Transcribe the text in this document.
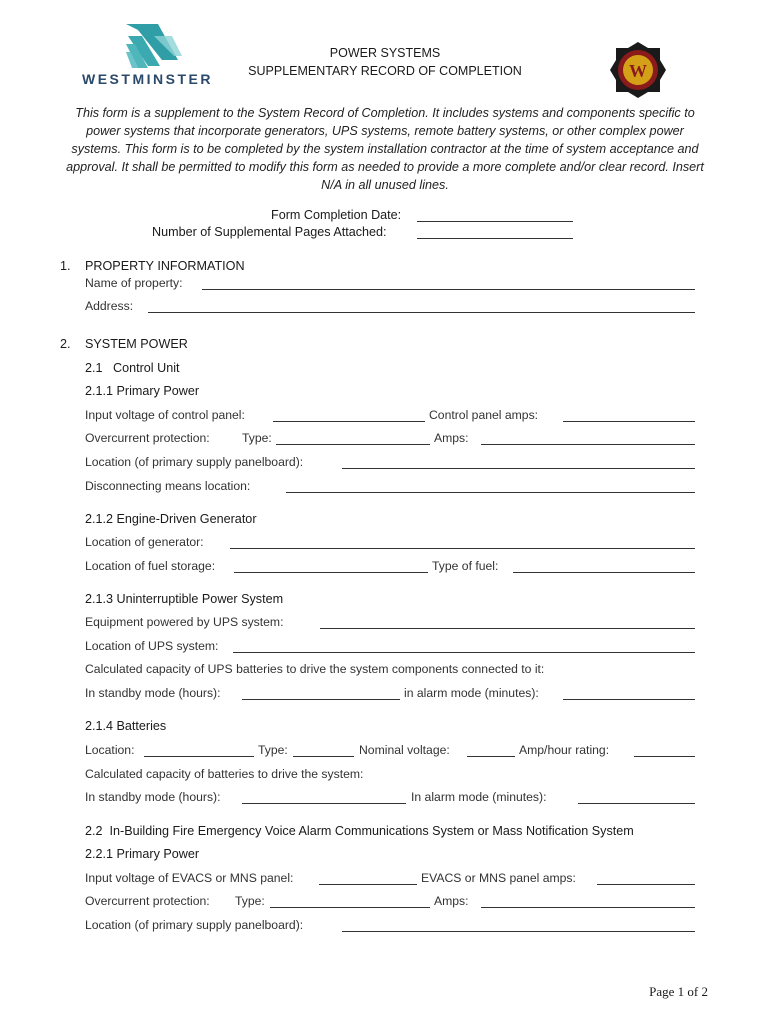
WESTMINSTER
POWER SYSTEMS
SUPPLEMENTARY RECORD OF COMPLETION	W
This form is a supplement to the System Record of Completion. It includes systems and components specific to power systems that incorporate generators, UPS systems, remote battery systems, or other complex power systems. This form is to be completed by the system installation contractor at the time of system acceptance and approval. It shall be permitted to modify this form as needed to provide a more complete and/or clear record. Insert N/A in all unused lines.
Form Completion Date:
Number of Supplemental Pages Attached:
1. PROPERTY INFORMATION
Name of property:
Address:
2. SYSTEM POWER
2.1   Control Unit
2.1.1 Primary Power
Input voltage of control panel:	Control panel amps:
Overcurrent protection:	Type:	Amps:
Location (of primary supply panelboard):
Disconnecting means location:
2.1.2 Engine-Driven Generator
Location of generator:
Location of fuel storage:	Type of fuel:
2.1.3 Uninterruptible Power System
Equipment powered by UPS system:
Location of UPS system:
Calculated capacity of UPS batteries to drive the system components connected to it:
In standby mode (hours):	in alarm mode (minutes):
2.1.4 Batteries
Location:	Type:	Nominal voltage:	Amp/hour rating:
Calculated capacity of batteries to drive the system:
In standby mode (hours):	In alarm mode (minutes):
2.2  In-Building Fire Emergency Voice Alarm Communications System or Mass Notification System
2.2.1 Primary Power
Input voltage of EVACS or MNS panel:	EVACS or MNS panel amps:
Overcurrent protection: Type:	Amps:
Location (of primary supply panelboard):
Page 1 of 2
